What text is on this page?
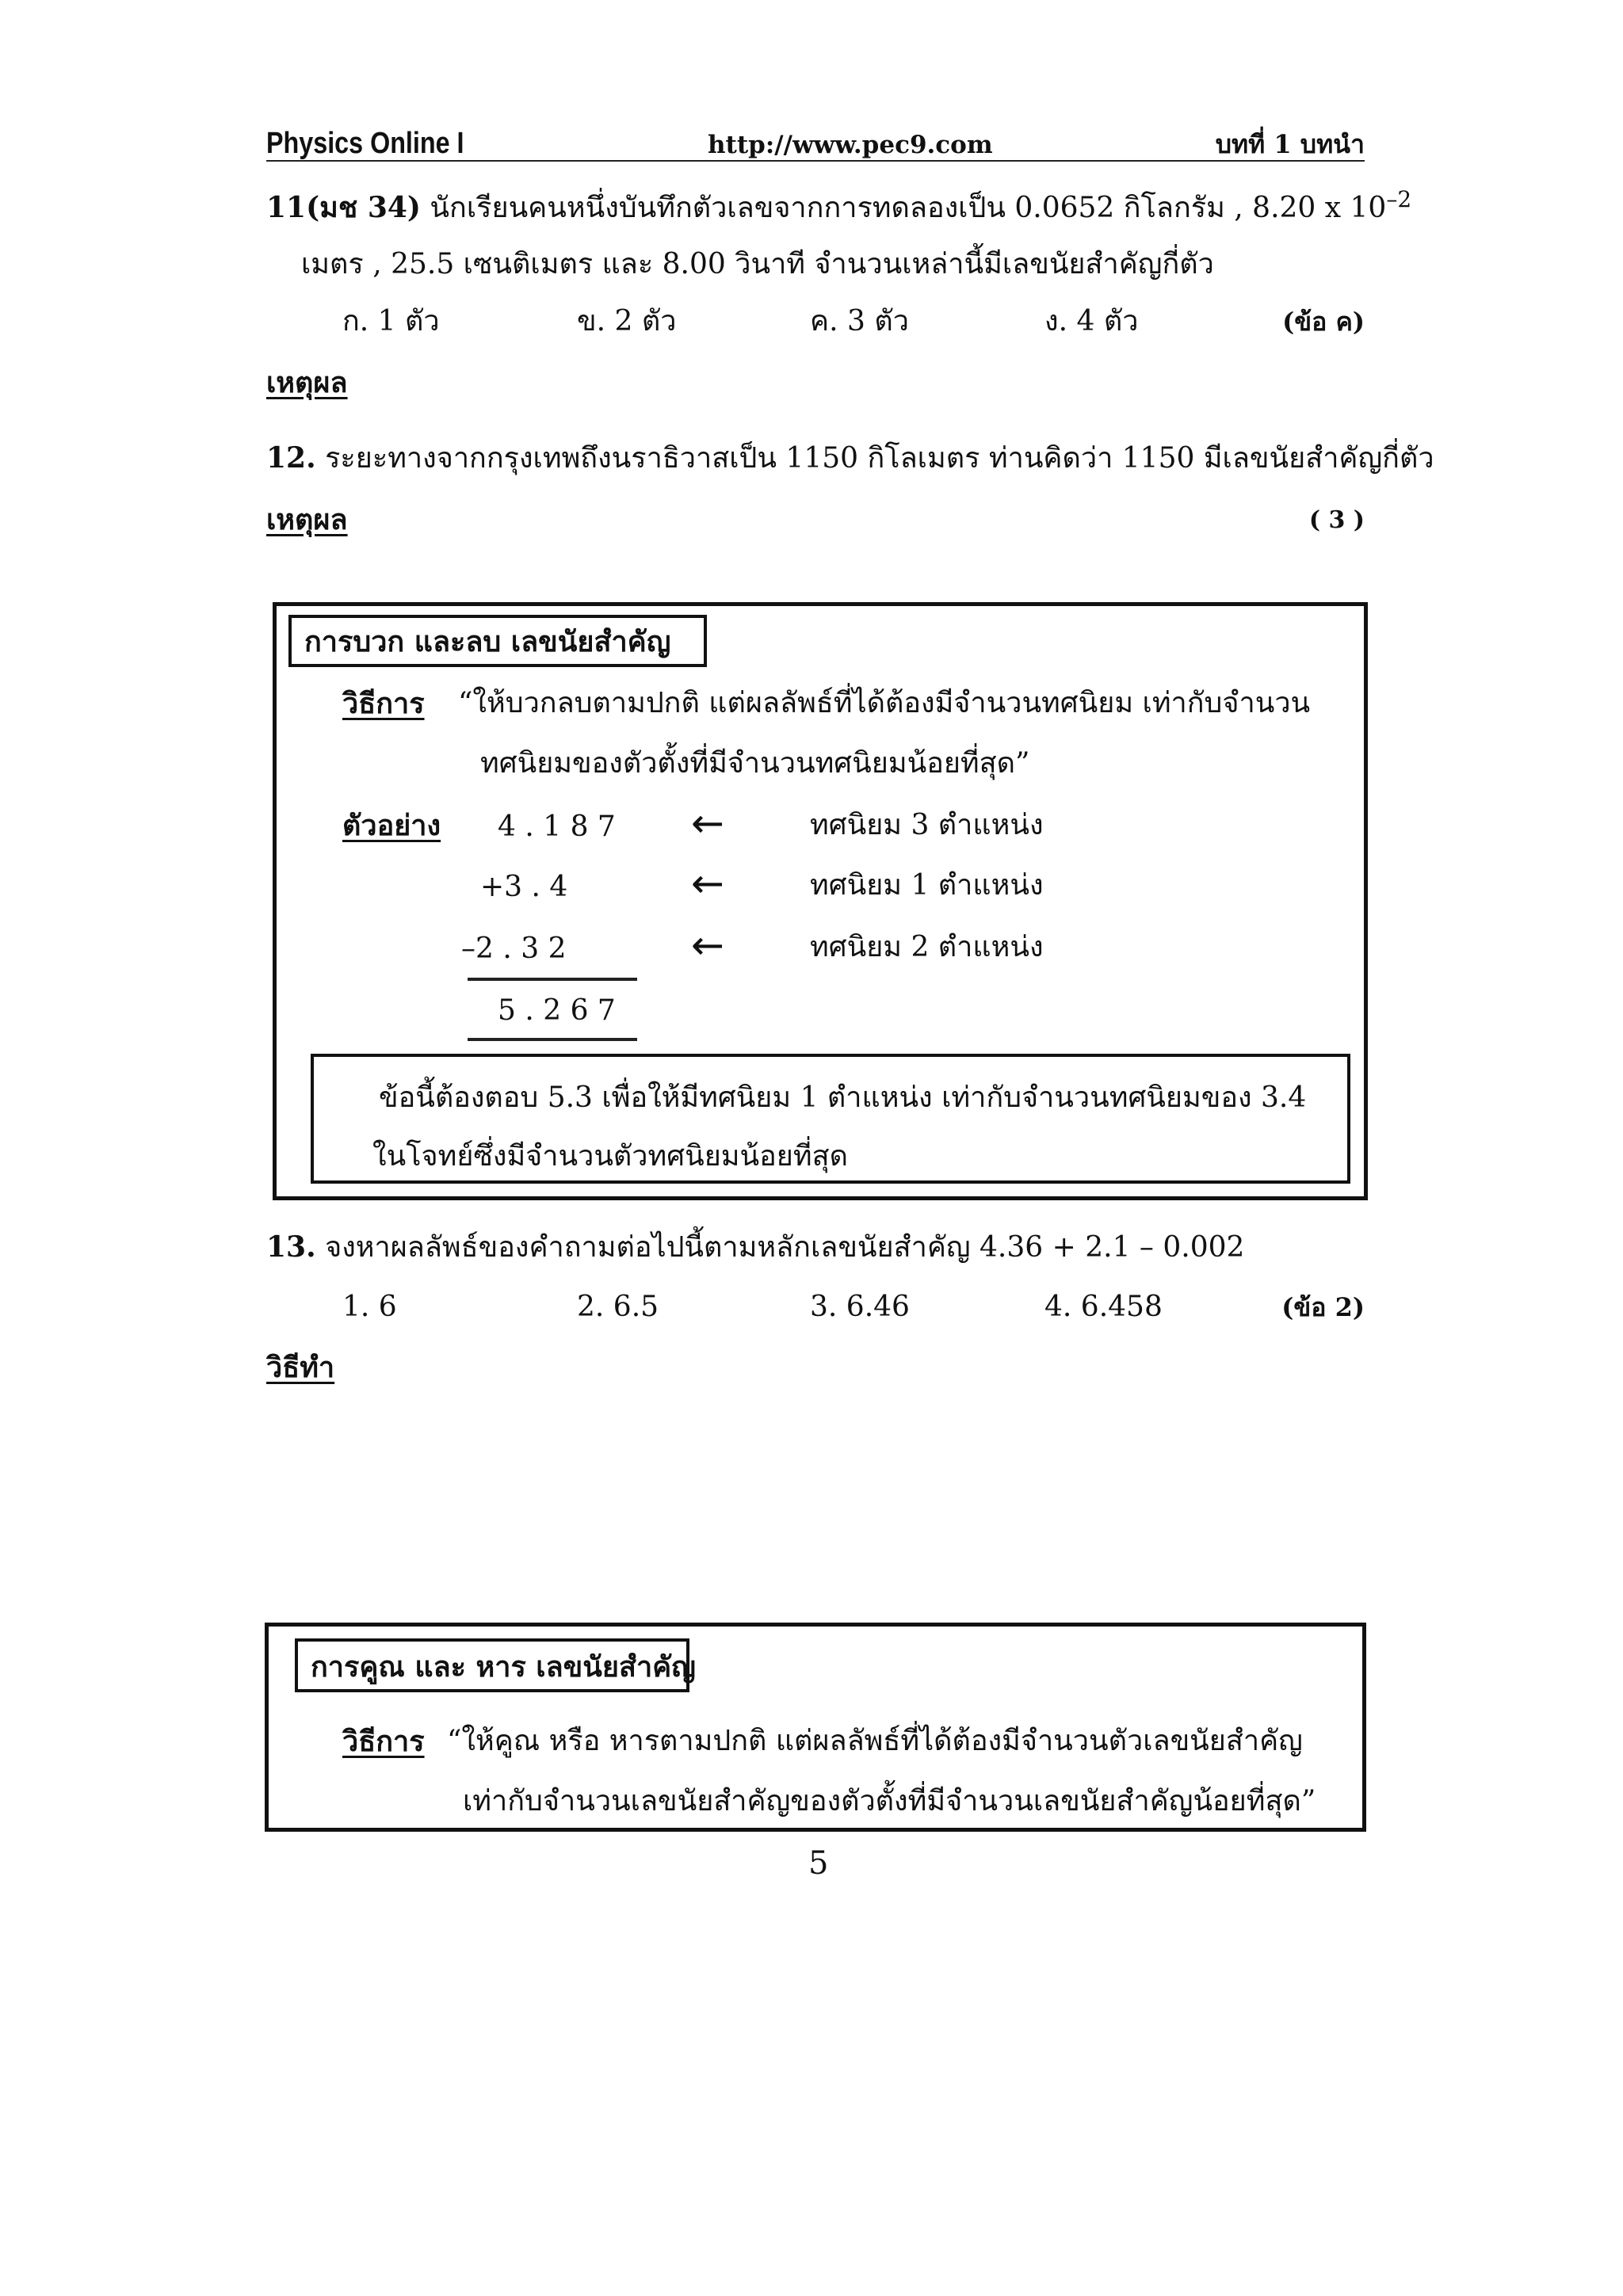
Physics Online I	http://www.pec9.com	บทที่ 1 บทนำ
11(มช 34) นักเรียนคนหนึ่งบันทึกตัวเลขจากการทดลองเป็น 0.0652 กิโลกรัม , 8.20 x $10^{-2}$
เมตร , 25.5 เซนติเมตร และ 8.00 วินาที จำนวนเหล่านี้มีเลขนัยสำคัญกี่ตัว
ก. 1 ตัว	ข. 2 ตัว	ค. 3 ตัว	ง. 4 ตัว	(ข้อ ค)
เหตุผล
12. ระยะทางจากกรุงเทพถึงนราธิวาสเป็น 1150 กิโลเมตร ท่านคิดว่า 1150 มีเลขนัยสำคัญกี่ตัว
เหตุผล	( 3 )
การบวก และลบ เลขนัยสำคัญ
วิธีการ “ให้บวกลบตามปกติ แต่ผลลัพธ์ที่ได้ต้องมีจำนวนทศนิยม เท่ากับจำนวน
ทศนิยมของตัวตั้งที่มีจำนวนทศนิยมน้อยที่สุด”
ตัวอย่าง 4 . 1 8 7 ←	ทศนิยม 3 ตำแหน่ง
+3 . 4	←	ทศนิยม 1 ตำแหน่ง
–2 . 3 2	←	ทศนิยม 2 ตำแหน่ง
5 . 2 6 7
ข้อนี้ต้องตอบ 5.3 เพื่อให้มีทศนิยม 1 ตำแหน่ง เท่ากับจำนวนทศนิยมของ 3.4
ในโจทย์ซึ่งมีจำนวนตัวทศนิยมน้อยที่สุด
13. จงหาผลลัพธ์ของคำถามต่อไปนี้ตามหลักเลขนัยสำคัญ 4.36 + 2.1 – 0.002
1. 6	2. 6.5	3. 6.46	4. 6.458	(ข้อ 2)
วิธีทำ
การคูณ และ หาร เลขนัยสำคัญ
วิธีการ “ให้คูณ หรือ หารตามปกติ แต่ผลลัพธ์ที่ได้ต้องมีจำนวนตัวเลขนัยสำคัญ
เท่ากับจำนวนเลขนัยสำคัญของตัวตั้งที่มีจำนวนเลขนัยสำคัญน้อยที่สุด”
5
